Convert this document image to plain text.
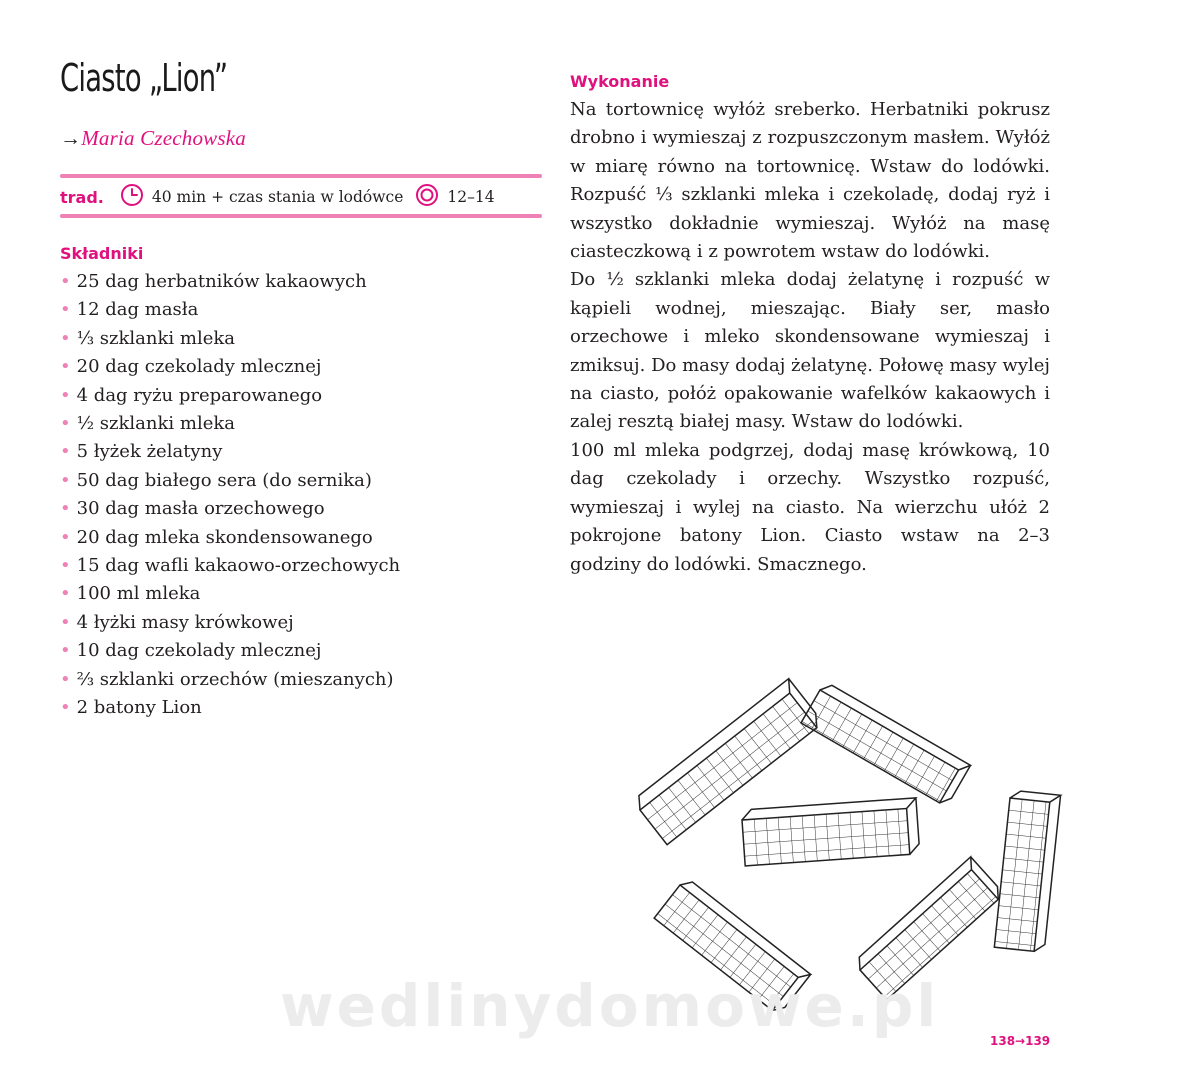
Ciasto „Lion”
→Maria Czechowska
trad.	40 min + czas stania w lodówce	12–14
Składniki
• 25 dag herbatników kakaowych
• 12 dag masła
• ⅓ szklanki mleka
• 20 dag czekolady mlecznej
• 4 dag ryżu preparowanego
• ½ szklanki mleka
• 5 łyżek żelatyny
• 50 dag białego sera (do sernika)
• 30 dag masła orzechowego
• 20 dag mleka skondensowanego
• 15 dag wafli kakaowo-orzechowych
• 100 ml mleka
• 4 łyżki masy krówkowej
• 10 dag czekolady mlecznej
• ⅔ szklanki orzechów (mieszanych)
• 2 batony Lion
Wykonanie

Na tortownicę wyłóż sreberko. Herbatniki pokrusz drobno i wymieszaj z rozpuszczonym masłem. Wyłóż w miarę równo na tortownicę. Wstaw do lodówki. Rozpuść ⅓ szklanki mleka i czekoladę, dodaj ryż i wszystko dokładnie wymieszaj. Wyłóż na masę ciasteczkową i z powrotem wstaw do lodówki.

Do ½ szklanki mleka dodaj żelatynę i rozpuść w kąpieli wodnej, mieszając. Biały ser, masło orzechowe i mleko skondensowane wymieszaj i zmiksuj. Do masy dodaj żelatynę. Połowę masy wylej na ciasto, połóż opakowanie wafelków kakaowych i zalej resztą białej masy. Wstaw do lodówki.

100 ml mleka podgrzej, dodaj masę krówkową, 10 dag czekolady i orzechy. Wszystko rozpuść, wymieszaj i wylej na ciasto. Na wierzchu ułóż 2 pokrojone batony Lion. Ciasto wstaw na 2–3 godziny do lodówki. Smacznego.

wedlinydomowe.pl
138→139
